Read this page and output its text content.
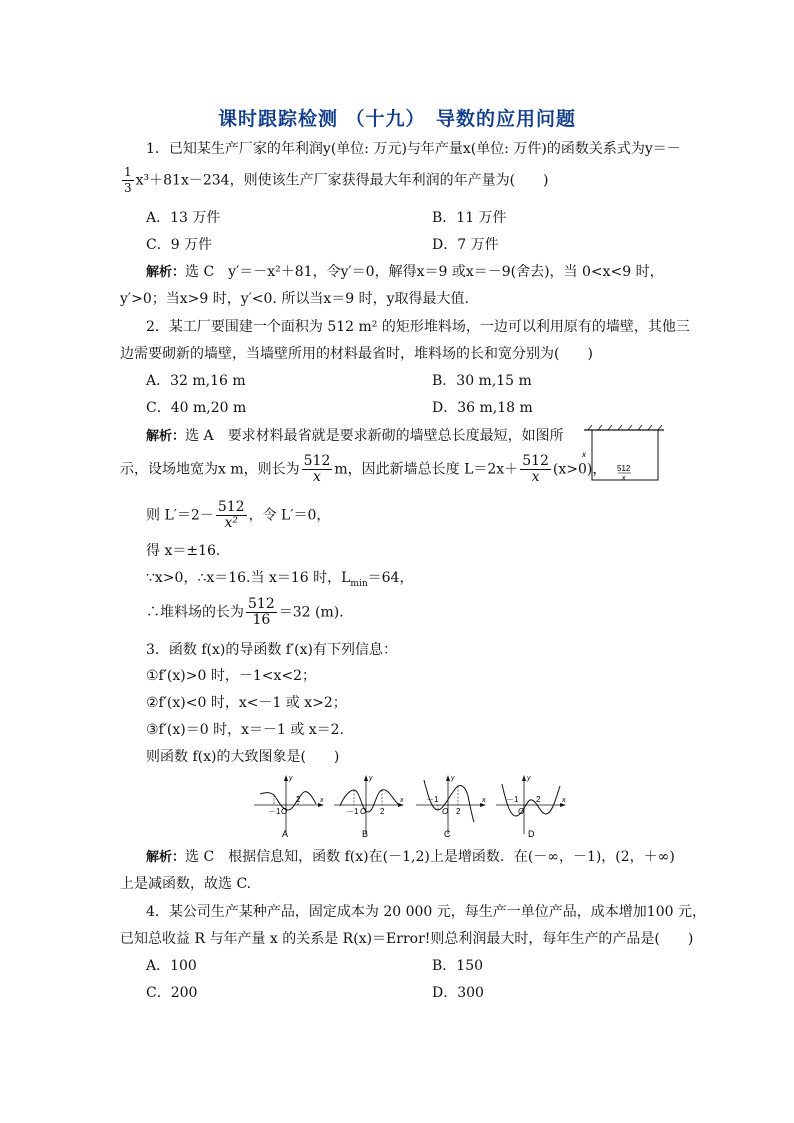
课时跟踪检测 （十九）　导数的应用问题
1．已知某生产厂家的年利润y(单位: 万元)与年产量x(单位: 万件)的函数关系式为y＝－
$\frac{1}{3} x^3+81x-234$，则使该生产厂家获得最大年利润的年产量为(　　)
A．13 万件	B．11 万件
C．9 万件	D．7 万件
解析：选 C　y′＝－x²＋81，令y′＝0，解得x＝9 或x＝－9(舍去)，当 0<x<9 时，
y′>0；当x>9 时，y′<0. 所以当x＝9 时，y取得最大值.
2．某工厂要围建一个面积为 512 m² 的矩形堆料场，一边可以利用原有的墙壁，其他三
边需要砌新的墙壁，当墙壁所用的材料最省时，堆料场的长和宽分别为(　　)
A．32 m,16 m	B．30 m,15 m
C．40 m,20 m	D．36 m,18 m
解析：选 A　要求材料最省就是要求新砌的墙壁总长度最短，如图所
示，设场地宽为x m，则长为 $\frac{512}{x}$ m，因此新墙总长度 $L=2x+ \frac{512}{x} (x>0)$，
则 $L'=2- \frac{512}{\text{x²}}$ ，令 L′＝0，
得 x＝±16.
∵x>0，∴x＝16.当 x＝16 时，$L_{min}=64$，
∴堆料场的长为 $\frac{512}{16} =32$ (m).
x
512
x
3．函数 f(x)的导函数 f′(x)有下列信息：
①f′(x)>0 时，－1<x<2；
②f′(x)<0 时，x<－1 或 x>2；
③f′(x)＝0 时，x＝－1 或 x＝2.
则函数 f(x)的大致图象是(　　)
－1 O
2	x
y
A
－1 O 2
x
y
B
－1
O 2
x
y
C
－1
O
2	x
y
D
解析：选 C　根据信息知，函数 f(x)在(－1,2)上是增函数．在(－∞，－1)，(2，＋∞)
上是减函数，故选 C.
4．某公司生产某种产品，固定成本为 20 000 元，每生产一单位产品，成本增加100 元，
已知总收益 R 与年产量 x 的关系是 R(x)＝Error!则总利润最大时，每年生产的产品是(　　)
A．100	B．150
C．200	D．300
